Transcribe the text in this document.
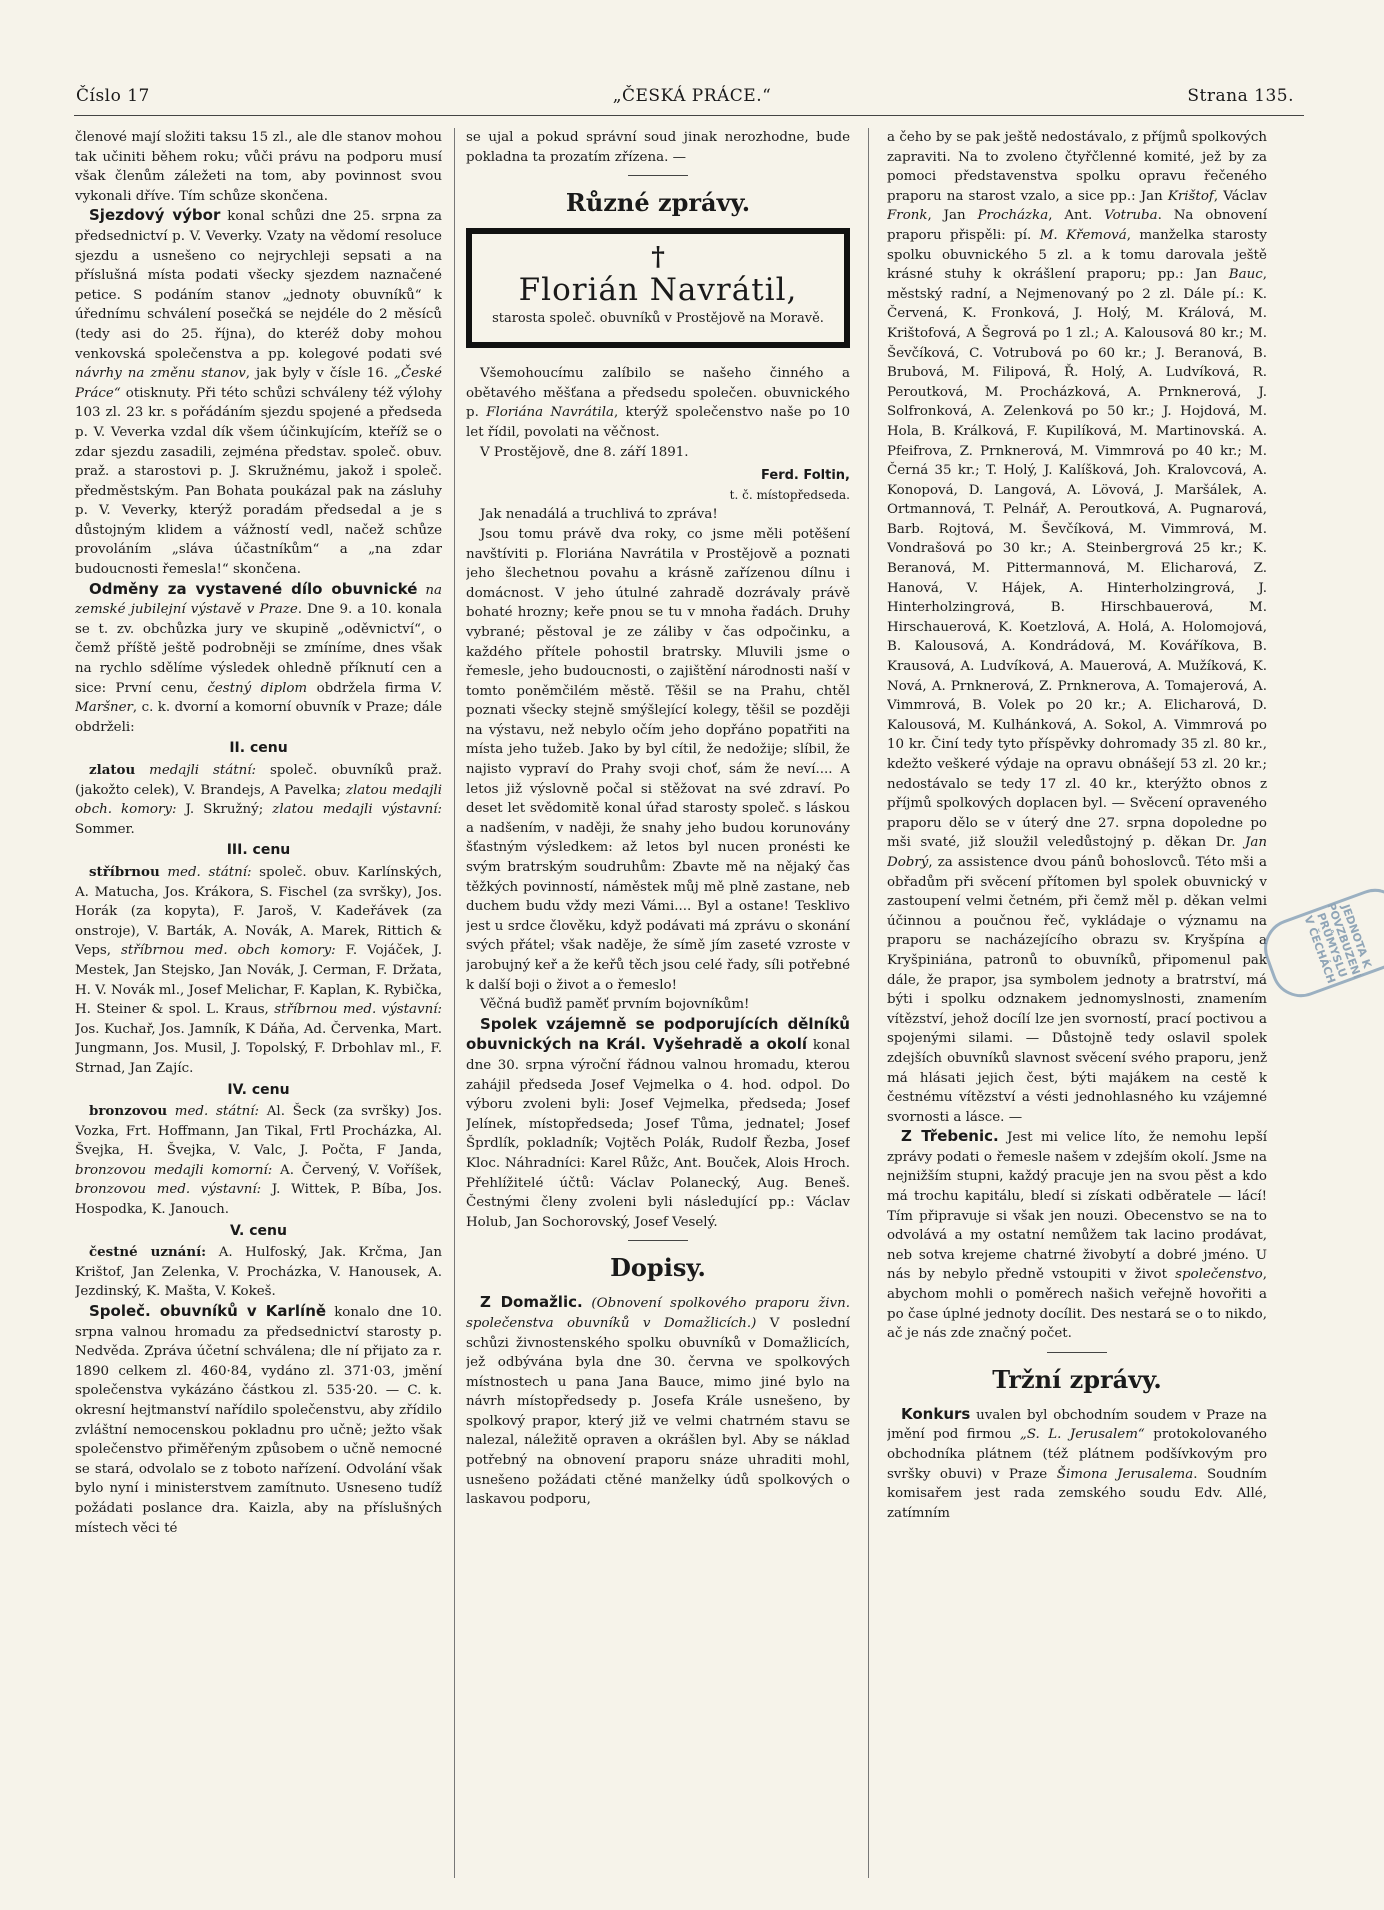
Číslo 17	„ČESKÁ PRÁCE.“	Strana 135.

členové mají složiti taksu 15 zl., ale dle stanov mohou tak učiniti během roku; vůči právu na podporu musí však členům záležeti na tom, aby povinnost svou vykonali dříve. Tím schůze skončena.

Sjezdový výbor konal schůzi dne 25. srpna za předsednictví p. V. Veverky. Vzaty na vědomí resoluce sjezdu a usnešeno co nejrychleji sepsati a na příslušná místa podati všecky sjezdem naznačené petice. S podáním stanov „jednoty obuvníků“ k úřednímu schválení posečká se nejdéle do 2 měsíců (tedy asi do 25. října), do kteréž doby mohou venkovská společenstva a pp. kolegové podati své návrhy na změnu stanov, jak byly v čísle 16. „České Práce“ otisknuty. Při této schůzi schváleny též výlohy 103 zl. 23 kr. s pořádáním sjezdu spojené a předseda p. V. Veverka vzdal dík všem účinkujícím, kteříž se o zdar sjezdu zasadili, zejména představ. společ. obuv. praž. a starostovi p. J. Skružnému, jakož i společ. předměstským. Pan Bohata poukázal pak na zásluhy p. V. Veverky, kterýž poradám předsedal a je s důstojným klidem a vážností vedl, načež schůze provoláním „sláva účastníkům“ a „na zdar budoucnosti řemesla!“ skončena.

Odměny za vystavené dílo obuvnické na zemské jubilejní výstavě v Praze. Dne 9. a 10. konala se t. zv. obchůzka jury ve skupině „oděvnictví“, o čemž příště ještě podrobněji se zmíníme, dnes však na rychlo sdělíme výsledek ohledně příknutí cen a sice: První cenu, čestný diplom obdržela firma V. Maršner, c. k. dvorní a komorní obuvník v Praze; dále obdrželi:

II. cenu

zlatou medajli státní: společ. obuvníků praž. (jakožto celek), V. Brandejs, A Pavelka; zlatou medajli obch. komory: J. Skružný; zlatou medajli výstavní: Sommer.

III. cenu

stříbrnou med. státní: společ. obuv. Karlínských, A. Matucha, Jos. Krákora, S. Fischel (za svršky), Jos. Horák (za kopyta), F. Jaroš, V. Kadeřávek (za onstroje), V. Barták, A. Novák, A. Marek, Rittich & Veps, stříbrnou med. obch komory: F. Vojáček, J. Mestek, Jan Stejsko, Jan Novák, J. Cerman, F. Držata, H. V. Novák ml., Josef Melichar, F. Kaplan, K. Rybička, H. Steiner & spol. L. Kraus, stříbrnou med. výstavní: Jos. Kuchař, Jos. Jamník, K Dáňa, Ad. Červenka, Mart. Jungmann, Jos. Musil, J. Topolský, F. Drbohlav ml., F. Strnad, Jan Zajíc.

IV. cenu

bronzovou med. státní: Al. Šeck (za svršky) Jos. Vozka, Frt. Hoffmann, Jan Tikal, Frtl Procházka, Al. Švejka, H. Švejka, V. Valc, J. Počta, F Janda, bronzovou medajli komorní: A. Červený, V. Voříšek, bronzovou med. výstavní: J. Wittek, P. Bíba, Jos. Hospodka, K. Janouch.

V. cenu

čestné uznání: A. Hulfoský, Jak. Krčma, Jan Krištof, Jan Zelenka, V. Procházka, V. Hanousek, A. Jezdinský, K. Mašta, V. Kokeš.

Společ. obuvníků v Karlíně konalo dne 10. srpna valnou hromadu za předsednictví starosty p. Nedvěda. Zpráva účetní schválena; dle ní přijato za r. 1890 celkem zl. 460·84, vydáno zl. 371·03, jmění společenstva vykázáno částkou zl. 535·20. — C. k. okresní hejtmanství nařídilo společenstvu, aby zřídilo zvláštní nemocenskou pokladnu pro učně; ježto však společenstvo přiměřeným způsobem o učně nemocné se stará, odvolalo se z toboto nařízení. Odvolání však bylo nyní i ministerstvem zamítnuto. Usneseno tudíž požádati poslance dra. Kaizla, aby na příslušných místech věci té

se ujal a pokud správní soud jinak nerozhodne, bude pokladna ta prozatím zřízena. —

Různé zprávy.
†
Florián Navrátil,
starosta společ. obuvníků v Prostějově na Moravě.

Všemohoucímu zalíbilo se našeho činného a obětavého měšťana a předsedu společen. obuvnického p. Floriána Navrátila, kterýž společenstvo naše po 10 let řídil, povolati na věčnost.

V Prostějově, dne 8. září 1891.

Ferd. Foltin,
t. č. místopředseda.

Jak nenadálá a truchlivá to zpráva!

Jsou tomu právě dva roky, co jsme měli potěšení navštíviti p. Floriána Navrátila v Prostějově a poznati jeho šlechetnou povahu a krásně zařízenou dílnu i domácnost. V jeho útulné zahradě dozrávaly právě bohaté hrozny; keře pnou se tu v mnoha řadách. Druhy vybrané; pěstoval je ze záliby v čas odpočinku, a každého přítele pohostil bratrsky. Mluvili jsme o řemesle, jeho budoucnosti, o zajištění národnosti naší v tomto poněmčilém městě. Těšil se na Prahu, chtěl poznati všecky stejně smýšlející kolegy, těšil se později na výstavu, než nebylo očím jeho dopřáno popatřiti na místa jeho tužeb. Jako by byl cítil, že nedožije; slíbil, že najisto vypraví do Prahy svoji choť, sám že neví.... A letos již výslovně počal si stěžovat na své zdraví. Po deset let svědomitě konal úřad starosty společ. s láskou a nadšením, v naději, že snahy jeho budou korunovány šťastným výsledkem: až letos byl nucen pronésti ke svým bratrským soudruhům: Zbavte mě na nějaký čas těžkých povinností, náměstek můj mě plně zastane, neb duchem budu vždy mezi Vámi.... Byl a ostane! Tesklivo jest u srdce člověku, když podávati má zprávu o skonání svých přátel; však naděje, že símě jím zaseté vzroste v jarobujný keř a že keřů těch jsou celé řady, síli potřebné k další boji o život a o řemeslo!

Věčná buďiž paměť prvním bojovníkům!

Spolek vzájemně se podporujících dělníků obuvnických na Král. Vyšehradě a okolí konal dne 30. srpna výroční řádnou valnou hromadu, kterou zahájil předseda Josef Vejmelka o 4. hod. odpol. Do výboru zvoleni byli: Josef Vejmelka, předseda; Josef Jelínek, místopředseda; Josef Tůma, jednatel; Josef Šprdlík, pokladník; Vojtěch Polák, Rudolf Řezba, Josef Kloc. Náhradníci: Karel Růžc, Ant. Bouček, Alois Hroch. Přehlížitelé účtů: Václav Polanecký, Aug. Beneš. Čestnými členy zvoleni byli následující pp.: Václav Holub, Jan Sochorovský, Josef Veselý.

Dopisy.

Z Domažlic. (Obnovení spolkového praporu živn. společenstva obuvníků v Domažlicích.) V poslední schůzi živnostenského spolku obuvníků v Domažlicích, jež odbývána byla dne 30. června ve spolkových místnostech u pana Jana Bauce, mimo jiné bylo na návrh místopředsedy p. Josefa Krále usnešeno, by spolkový prapor, který již ve velmi chatrném stavu se nalezal, náležitě opraven a okrášlen byl. Aby se náklad potřebný na obnovení praporu snáze uhraditi mohl, usnešeno požádati ctěné manželky údů spolkových o laskavou podporu,

a čeho by se pak ještě nedostávalo, z příjmů spolkových zapraviti. Na to zvoleno čtyřčlenné komité, jež by za pomoci představenstva spolku opravu řečeného praporu na starost vzalo, a sice pp.: Jan Krištof, Václav Fronk, Jan Procházka, Ant. Votruba. Na obnovení praporu přispěli: pí. M. Křemová, manželka starosty spolku obuvnického 5 zl. a k tomu darovala ještě krásné stuhy k okrášlení praporu; pp.: Jan Bauc, městský radní, a Nejmenovaný po 2 zl. Dále pí.: K. Červená, K. Fronková, J. Holý, M. Králová, M. Krištofová, A Šegrová po 1 zl.; A. Kalousová 80 kr.; M. Ševčíková, C. Votrubová po 60 kr.; J. Beranová, B. Brubová, M. Filipová, Ř. Holý, A. Ludvíková, R. Peroutková, M. Procházková, A. Prnknerová, J. Solfronková, A. Zelenková po 50 kr.; J. Hojdová, M. Hola, B. Králková, F. Kupilíková, M. Martinovská. A. Pfeifrova, Z. Prnknerová, M. Vimmrová po 40 kr.; M. Černá 35 kr.; T. Holý, J. Kalíšková, Joh. Kralovcová, A. Konopová, D. Langová, A. Lövová, J. Maršálek, A. Ortmannová, T. Pelnář, A. Peroutková, A. Pugnarová, Barb. Rojtová, M. Ševčíková, M. Vimmrová, M. Vondrašová po 30 kr.; A. Steinbergrová 25 kr.; K. Beranová, M. Pittermannová, M. Elicharová, Z. Hanová, V. Hájek, A. Hinterholzingrová, J. Hinterholzingrová, B. Hirschbauerová, M. Hirschauerová, K. Koetzlová, A. Holá, A. Holomojová, B. Kalousová, A. Kondrádová, M. Kováříkova, B. Krausová, A. Ludvíková, A. Mauerová, A. Mužíková, K. Nová, A. Prnknerová, Z. Prnknerova, A. Tomajerová, A. Vimmrová, B. Volek po 20 kr.; A. Elicharová, D. Kalousová, M. Kulhánková, A. Sokol, A. Vimmrová po 10 kr. Činí tedy tyto příspěvky dohromady 35 zl. 80 kr., kdežto veškeré výdaje na opravu obnášejí 53 zl. 20 kr.; nedostávalo se tedy 17 zl. 40 kr., kterýžto obnos z příjmů spolkových doplacen byl. — Svěcení opraveného praporu dělo se v úterý dne 27. srpna dopoledne po mši svaté, již sloužil veledůstojný p. děkan Dr. Jan Dobrý, za assistence dvou pánů bohoslovců. Této mši a obřadům při svěcení přítomen byl spolek obuvnický v zastoupení velmi četném, při čemž měl p. děkan velmi účinnou a poučnou řeč, vykládaje o významu na praporu se nacházejícího obrazu sv. Kryšpína a Kryšpiniána, patronů to obuvníků, připomenul pak dále, že prapor, jsa symbolem jednoty a bratrství, má býti i spolku odznakem jednomyslnosti, znamením vítězství, jehož docílí lze jen svorností, prací poctivou a spojenými silami. — Důstojně tedy oslavil spolek zdejších obuvníků slavnost svěcení svého praporu, jenž má hlásati jejich čest, býti majákem na cestě k čestnému vítězství a vésti jednohlasného ku vzájemné svornosti a lásce. —

Z Třebenic. Jest mi velice líto, že nemohu lepší zprávy podati o řemesle našem v zdejším okolí. Jsme na nejnižším stupni, každý pracuje jen na svou pěst a kdo má trochu kapitálu, bledí si získati odběratele — lácí! Tím připravuje si však jen nouzi. Obecenstvo se na to odvolává a my ostatní nemůžem tak lacino prodávat, neb sotva krejeme chatrné živobytí a dobré jméno. U nás by nebylo předně vstoupiti v život společenstvo, abychom mohli o poměrech našich veřejně hovořiti a po čase úplné jednoty docílit. Des nestará se o to nikdo, ač je nás zde značný počet.

Tržní zprávy.

Konkurs uvalen byl obchodním soudem v Praze na jmění pod firmou „S. L. Jerusalem“ protokolovaného obchodníka plátnem (též plátnem podšívkovým pro svršky obuvi) v Praze Šimona Jerusalema. Soudním komisařem jest rada zemského soudu Edv. Allé, zatímním

JEDNOTA K POVZBUZENÍ PRŮMYSLU V ČECHÁCH
